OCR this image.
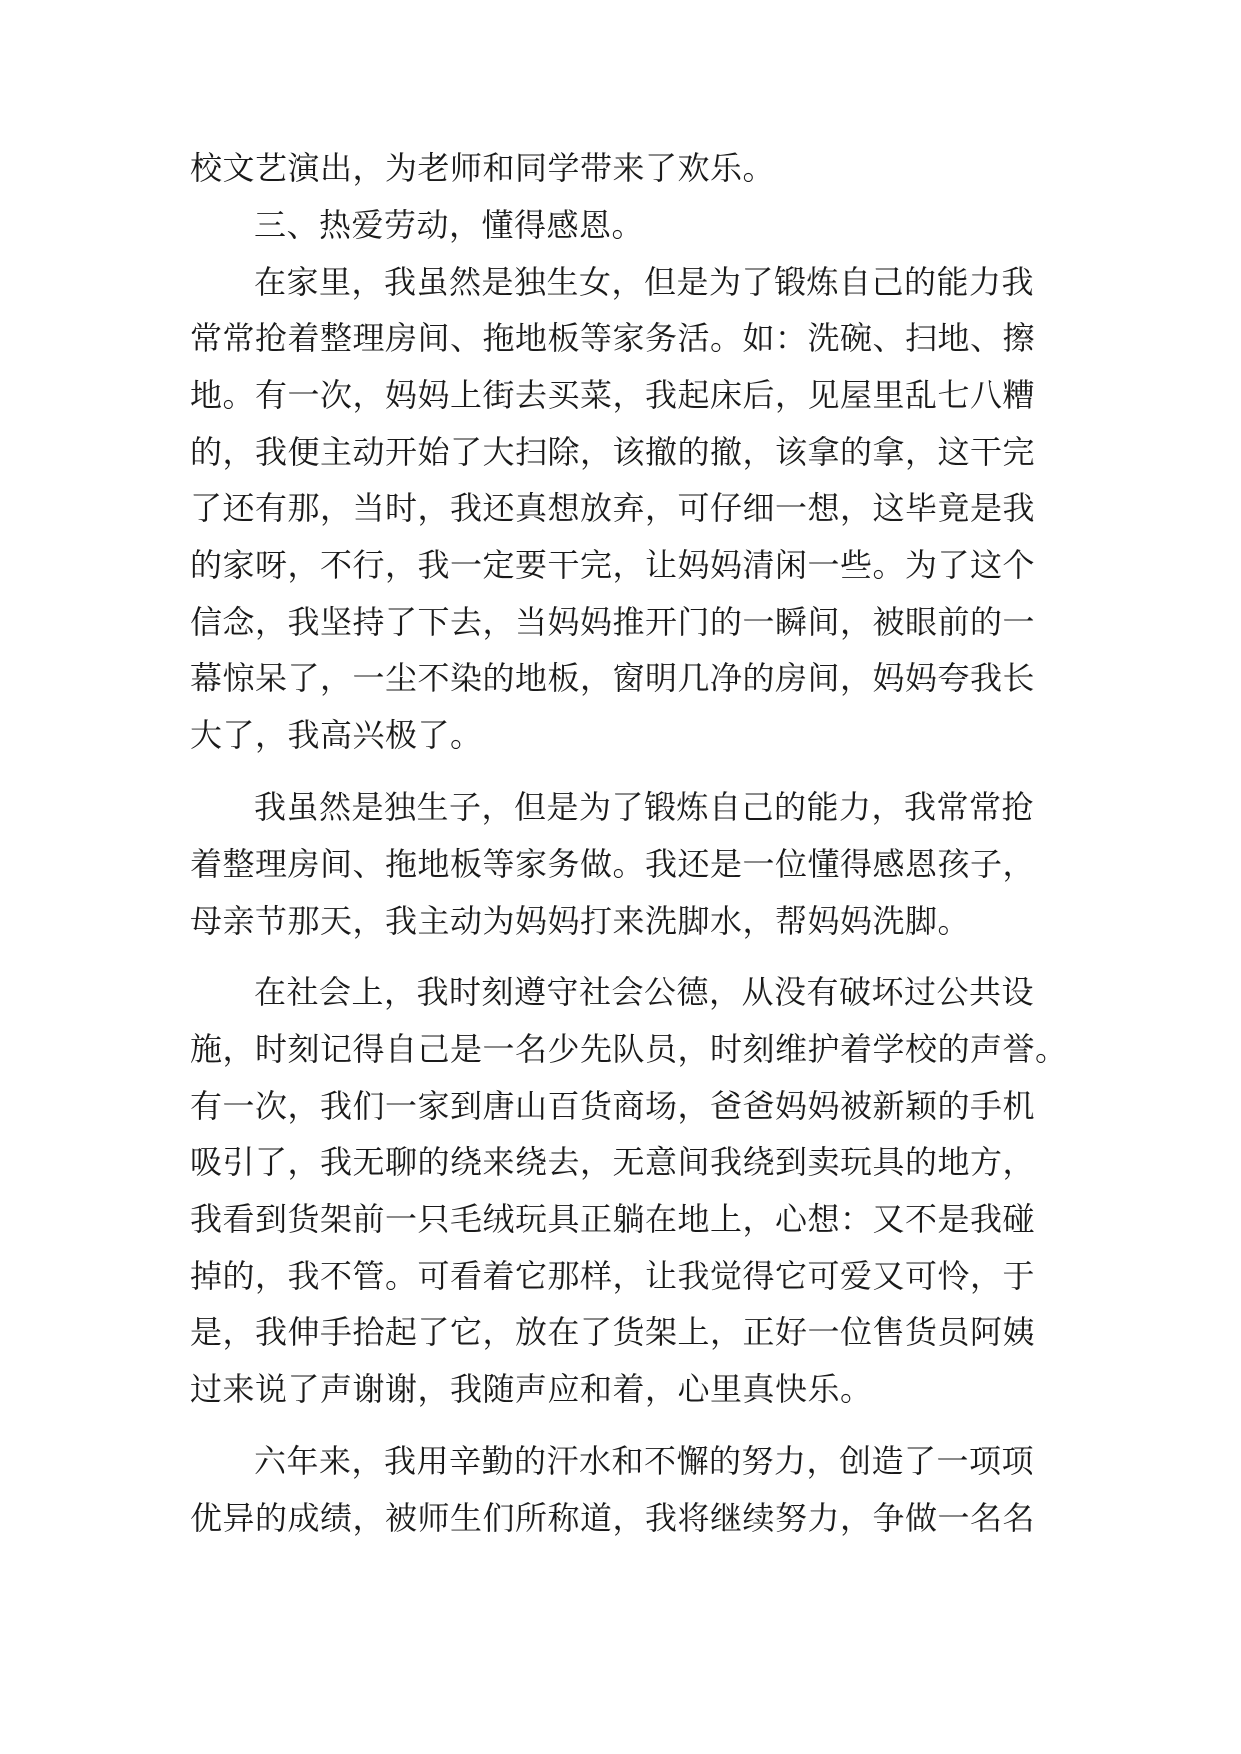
校文艺演出，为老师和同学带来了欢乐。
三、热爱劳动，懂得感恩。
在家里，我虽然是独生女，但是为了锻炼自己的能力我
常常抢着整理房间、拖地板等家务活。如：洗碗、扫地、擦
地。有一次，妈妈上街去买菜，我起床后，见屋里乱七八糟
的，我便主动开始了大扫除，该撤的撤，该拿的拿，这干完
了还有那，当时，我还真想放弃，可仔细一想，这毕竟是我
的家呀，不行，我一定要干完，让妈妈清闲一些。为了这个
信念，我坚持了下去，当妈妈推开门的一瞬间，被眼前的一
幕惊呆了，一尘不染的地板，窗明几净的房间，妈妈夸我长
大了，我高兴极了。
我虽然是独生子，但是为了锻炼自己的能力，我常常抢
着整理房间、拖地板等家务做。我还是一位懂得感恩孩子，
母亲节那天，我主动为妈妈打来洗脚水，帮妈妈洗脚。
在社会上，我时刻遵守社会公德，从没有破坏过公共设
施，时刻记得自己是一名少先队员，时刻维护着学校的声誉。
有一次，我们一家到唐山百货商场，爸爸妈妈被新颖的手机
吸引了，我无聊的绕来绕去，无意间我绕到卖玩具的地方，
我看到货架前一只毛绒玩具正躺在地上，心想：又不是我碰
掉的，我不管。可看着它那样，让我觉得它可爱又可怜，于
是，我伸手拾起了它，放在了货架上，正好一位售货员阿姨
过来说了声谢谢，我随声应和着，心里真快乐。
六年来，我用辛勤的汗水和不懈的努力，创造了一项项
优异的成绩，被师生们所称道，我将继续努力，争做一名名
